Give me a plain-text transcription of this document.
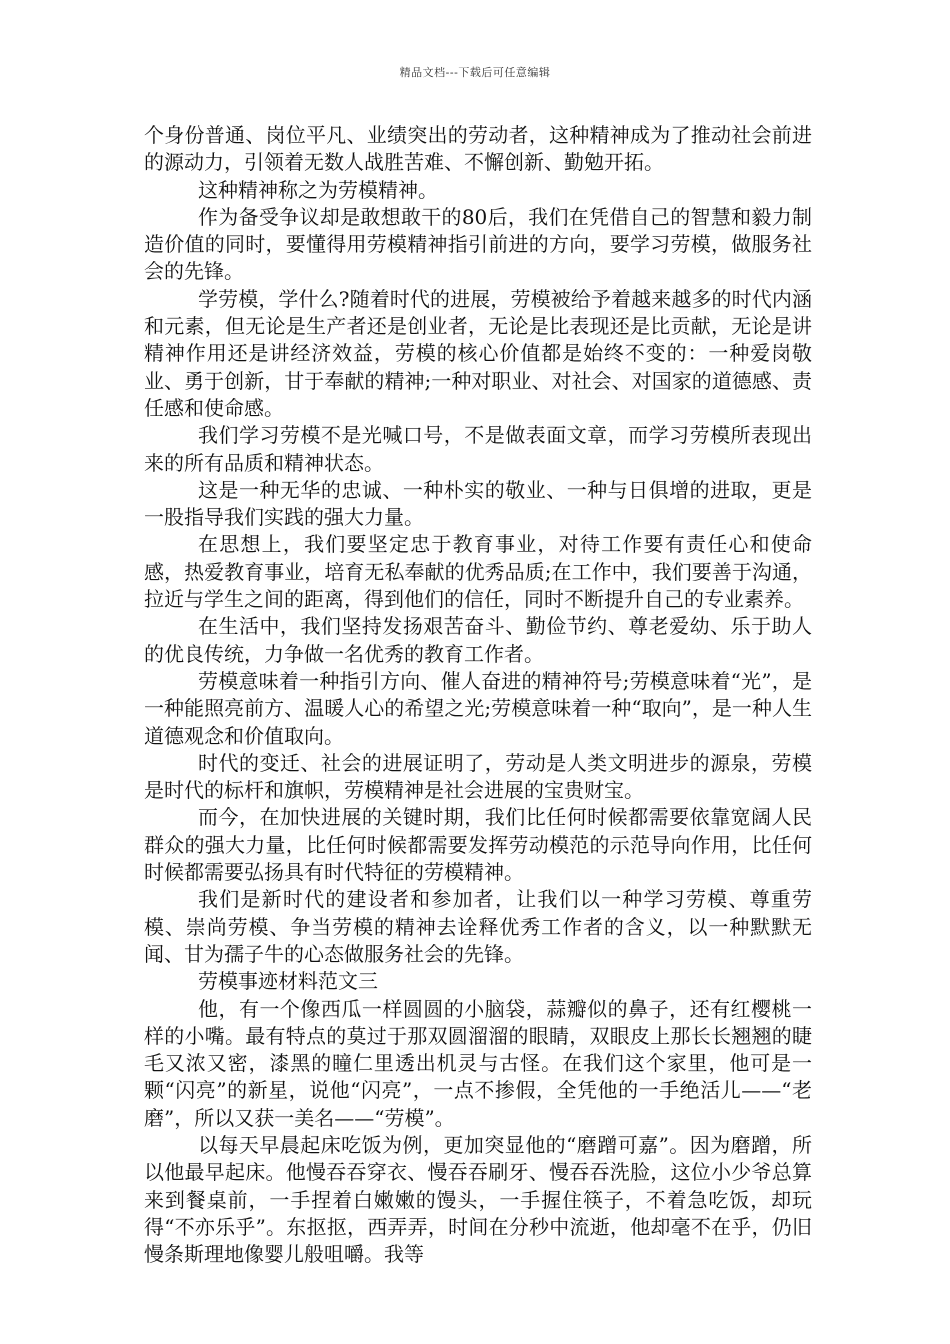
精品文档---下载后可任意编辑

个身份普通、岗位平凡、业绩突出的劳动者，这种精神成为了推动社会前进的源动力，引领着无数人战胜苦难、不懈创新、勤勉开拓。

这种精神称之为劳模精神。

作为备受争议却是敢想敢干的80后，我们在凭借自己的智慧和毅力制造价值的同时，要懂得用劳模精神指引前进的方向，要学习劳模，做服务社会的先锋。

学劳模，学什么?随着时代的进展，劳模被给予着越来越多的时代内涵和元素，但无论是生产者还是创业者，无论是比表现还是比贡献，无论是讲精神作用还是讲经济效益，劳模的核心价值都是始终不变的：一种爱岗敬业、勇于创新，甘于奉献的精神;一种对职业、对社会、对国家的道德感、责任感和使命感。

我们学习劳模不是光喊口号，不是做表面文章，而学习劳模所表现出来的所有品质和精神状态。

这是一种无华的忠诚、一种朴实的敬业、一种与日俱增的进取，更是一股指导我们实践的强大力量。

在思想上，我们要坚定忠于教育事业，对待工作要有责任心和使命感，热爱教育事业，培育无私奉献的优秀品质;在工作中，我们要善于沟通，拉近与学生之间的距离，得到他们的信任，同时不断提升自己的专业素养。

在生活中，我们坚持发扬艰苦奋斗、勤俭节约、尊老爱幼、乐于助人的优良传统，力争做一名优秀的教育工作者。

劳模意味着一种指引方向、催人奋进的精神符号;劳模意味着“光”，是一种能照亮前方、温暖人心的希望之光;劳模意味着一种“取向”，是一种人生道德观念和价值取向。

时代的变迁、社会的进展证明了，劳动是人类文明进步的源泉，劳模是时代的标杆和旗帜，劳模精神是社会进展的宝贵财宝。

而今，在加快进展的关键时期，我们比任何时候都需要依靠宽阔人民群众的强大力量，比任何时候都需要发挥劳动模范的示范导向作用，比任何时候都需要弘扬具有时代特征的劳模精神。

我们是新时代的建设者和参加者，让我们以一种学习劳模、尊重劳模、崇尚劳模、争当劳模的精神去诠释优秀工作者的含义，以一种默默无闻、甘为孺子牛的心态做服务社会的先锋。

劳模事迹材料范文三

他，有一个像西瓜一样圆圆的小脑袋，蒜瓣似的鼻子，还有红樱桃一样的小嘴。最有特点的莫过于那双圆溜溜的眼睛，双眼皮上那长长翘翘的睫毛又浓又密，漆黑的瞳仁里透出机灵与古怪。在我们这个家里，他可是一颗“闪亮”的新星，说他“闪亮”，一点不掺假，全凭他的一手绝活儿——“老磨”，所以又获一美名——“劳模”。

以每天早晨起床吃饭为例，更加突显他的“磨蹭可嘉”。因为磨蹭，所以他最早起床。他慢吞吞穿衣、慢吞吞刷牙、慢吞吞洗脸，这位小少爷总算来到餐桌前，一手捏着白嫩嫩的馒头，一手握住筷子，不着急吃饭，却玩得“不亦乐乎”。东抠抠，西弄弄，时间在分秒中流逝，他却毫不在乎，仍旧慢条斯理地像婴儿般咀嚼。我等
